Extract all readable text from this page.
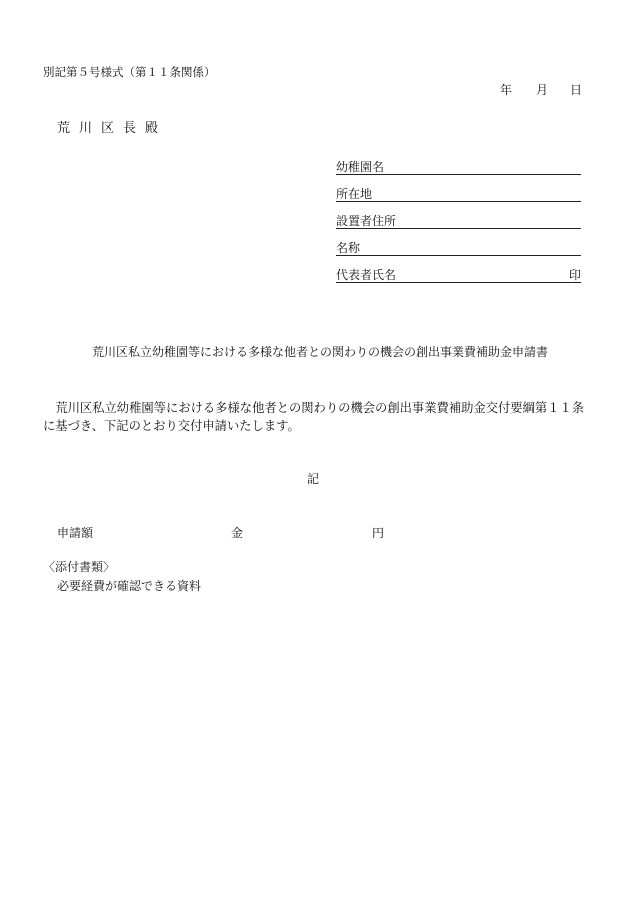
別記第５号様式（第１１条関係）
年 月 日
荒川区長殿
幼稚園名
所在地
設置者住所
名称
代表者氏名	印
荒川区私立幼稚園等における多様な他者との関わりの機会の創出事業費補助金申請書
　荒川区私立幼稚園等における多様な他者との関わりの機会の創出事業費補助金交付要綱第１１条
に基づき、下記のとおり交付申請いたします。
記
申請額	金	円
〈添付書類〉
必要経費が確認できる資料
